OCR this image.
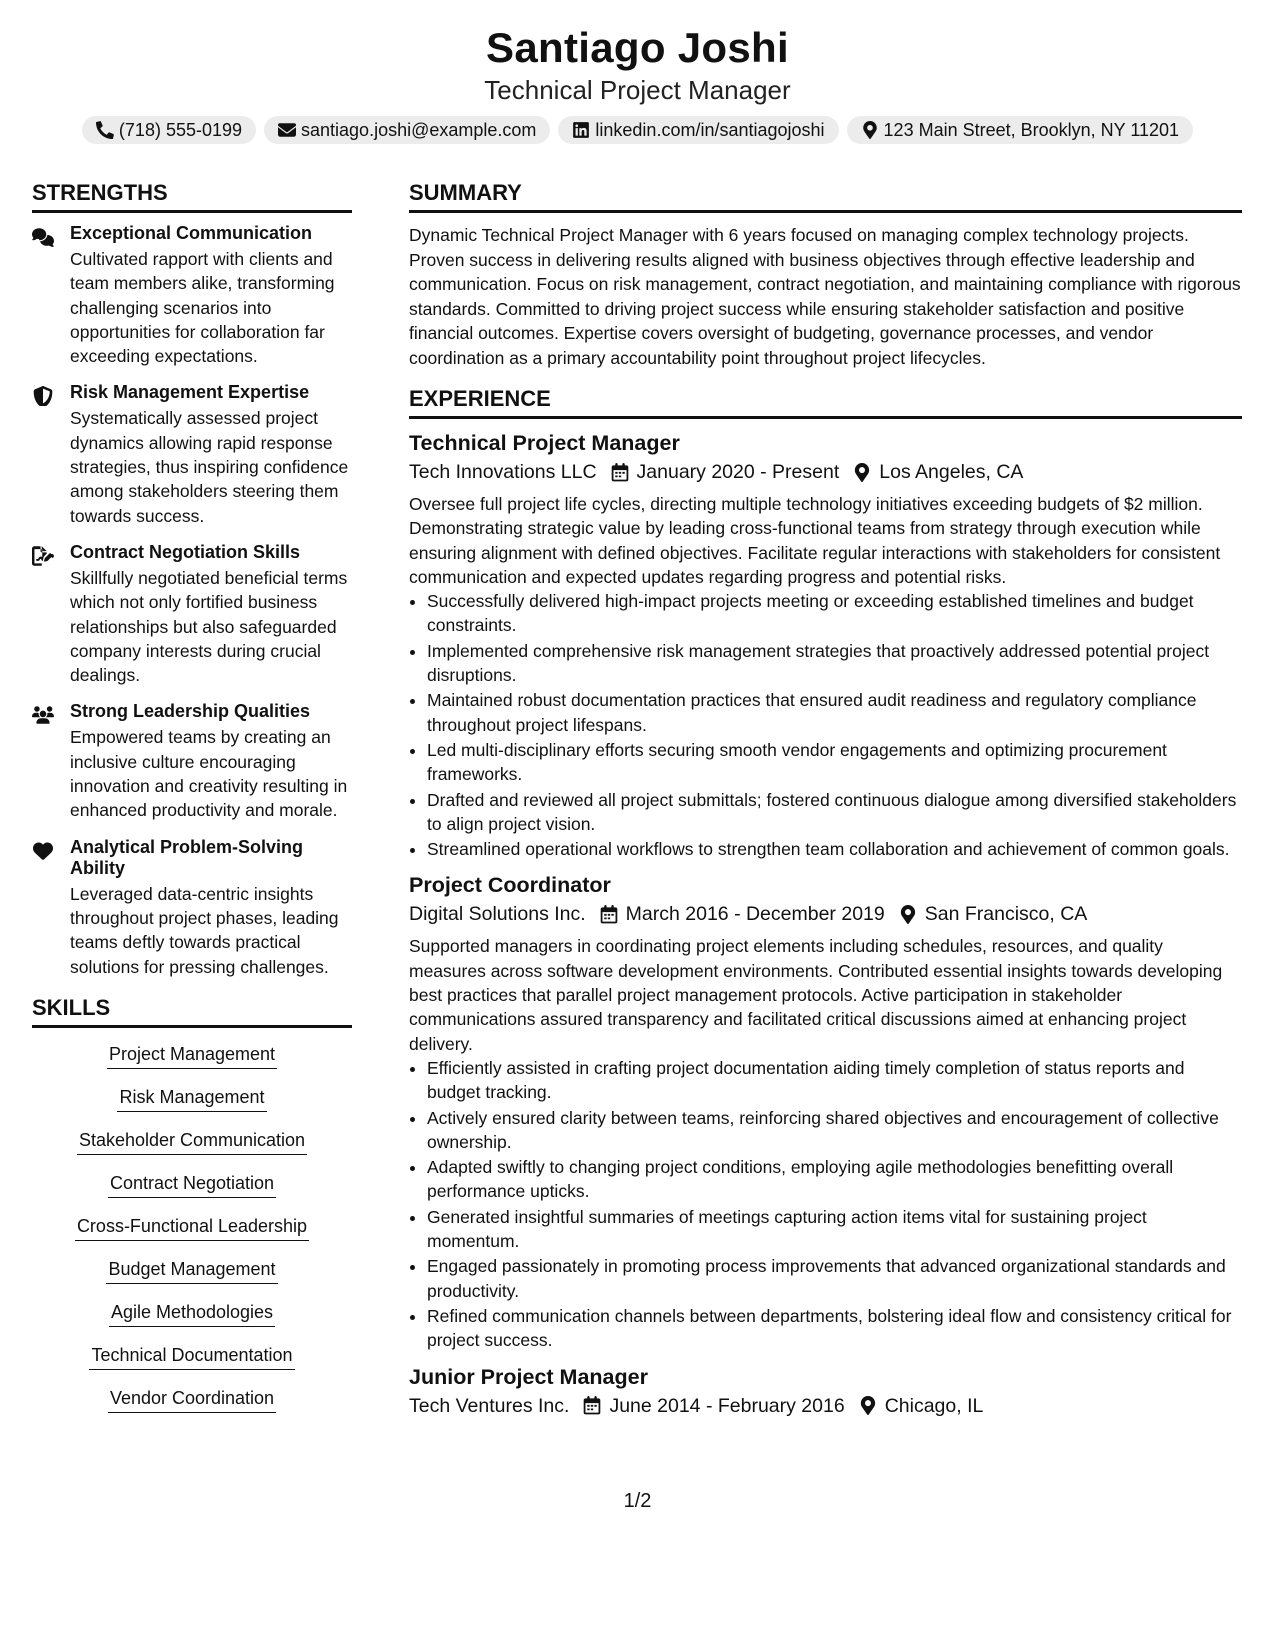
Santiago Joshi
Technical Project Manager
(718) 555-0199	santiago.joshi@example.com	linkedin.com/in/santiagojoshi	123 Main Street, Brooklyn, NY 11201
STRENGTHS
Exceptional Communication
Cultivated rapport with clients and team members alike, transforming challenging scenarios into opportunities for collaboration far exceeding expectations.
Risk Management Expertise
Systematically assessed project dynamics allowing rapid response strategies, thus inspiring confidence among stakeholders steering them towards success.
Contract Negotiation Skills
Skillfully negotiated beneficial terms which not only fortified business relationships but also safeguarded company interests during crucial dealings.
Strong Leadership Qualities
Empowered teams by creating an inclusive culture encouraging innovation and creativity resulting in enhanced productivity and morale.
Analytical Problem-Solving Ability
Leveraged data-centric insights throughout project phases, leading teams deftly towards practical solutions for pressing challenges.
SKILLS
Project Management
Risk Management
Stakeholder Communication
Contract Negotiation
Cross-Functional Leadership
Budget Management
Agile Methodologies
Technical Documentation
Vendor Coordination
SUMMARY
Dynamic Technical Project Manager with 6 years focused on managing complex technology projects. Proven success in delivering results aligned with business objectives through effective leadership and communication. Focus on risk management, contract negotiation, and maintaining compliance with rigorous standards. Committed to driving project success while ensuring stakeholder satisfaction and positive financial outcomes. Expertise covers oversight of budgeting, governance processes, and vendor coordination as a primary accountability point throughout project lifecycles.
EXPERIENCE
Technical Project Manager
Tech Innovations LLC January 2020 - Present Los Angeles, CA
Oversee full project life cycles, directing multiple technology initiatives exceeding budgets of $2 million. Demonstrating strategic value by leading cross-functional teams from strategy through execution while ensuring alignment with defined objectives. Facilitate regular interactions with stakeholders for consistent communication and expected updates regarding progress and potential risks.
• Successfully delivered high-impact projects meeting or exceeding established timelines and budget constraints.
• Implemented comprehensive risk management strategies that proactively addressed potential project disruptions.
• Maintained robust documentation practices that ensured audit readiness and regulatory compliance throughout project lifespans.
• Led multi-disciplinary efforts securing smooth vendor engagements and optimizing procurement frameworks.
• Drafted and reviewed all project submittals; fostered continuous dialogue among diversified stakeholders to align project vision.
• Streamlined operational workflows to strengthen team collaboration and achievement of common goals.
Project Coordinator
Digital Solutions Inc. March 2016 - December 2019 San Francisco, CA
Supported managers in coordinating project elements including schedules, resources, and quality measures across software development environments. Contributed essential insights towards developing best practices that parallel project management protocols. Active participation in stakeholder communications assured transparency and facilitated critical discussions aimed at enhancing project delivery.
• Efficiently assisted in crafting project documentation aiding timely completion of status reports and budget tracking.
• Actively ensured clarity between teams, reinforcing shared objectives and encouragement of collective ownership.
• Adapted swiftly to changing project conditions, employing agile methodologies benefitting overall performance upticks.
• Generated insightful summaries of meetings capturing action items vital for sustaining project momentum.
• Engaged passionately in promoting process improvements that advanced organizational standards and productivity.
• Refined communication channels between departments, bolstering ideal flow and consistency critical for project success.
Junior Project Manager
Tech Ventures Inc. June 2014 - February 2016 Chicago, IL
1/2
